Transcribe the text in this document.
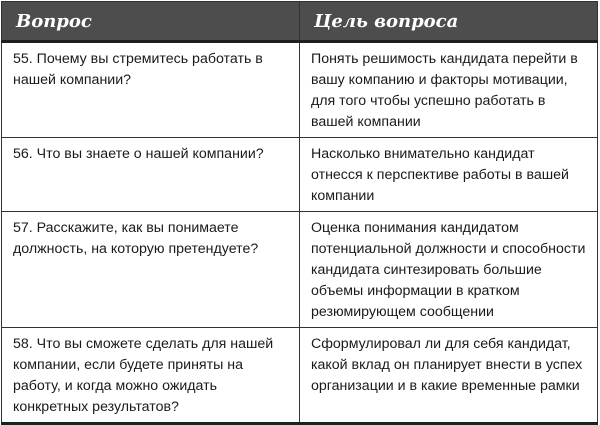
Вопрос	Цель вопроса
55. Почему вы стремитесь работать в нашей компании?	Понять решимость кандидата перейти в вашу компанию и факторы мотивации, для того чтобы успешно работать в вашей компании
56. Что вы знаете о нашей компании?	Насколько внимательно кандидат отнесся к перспективе работы в вашей компании
57. Расскажите, как вы понимаете должность, на которую претендуете?	Оценка понимания кандидатом потенциальной должности и способности кандидата синтезировать большие объемы информации в кратком резюмирующем сообщении
58. Что вы сможете сделать для нашей компании, если будете приняты на работу, и когда можно ожидать конкретных результатов?	Сформулировал ли для себя кандидат, какой вклад он планирует внести в успех организации и в какие временные рамки
